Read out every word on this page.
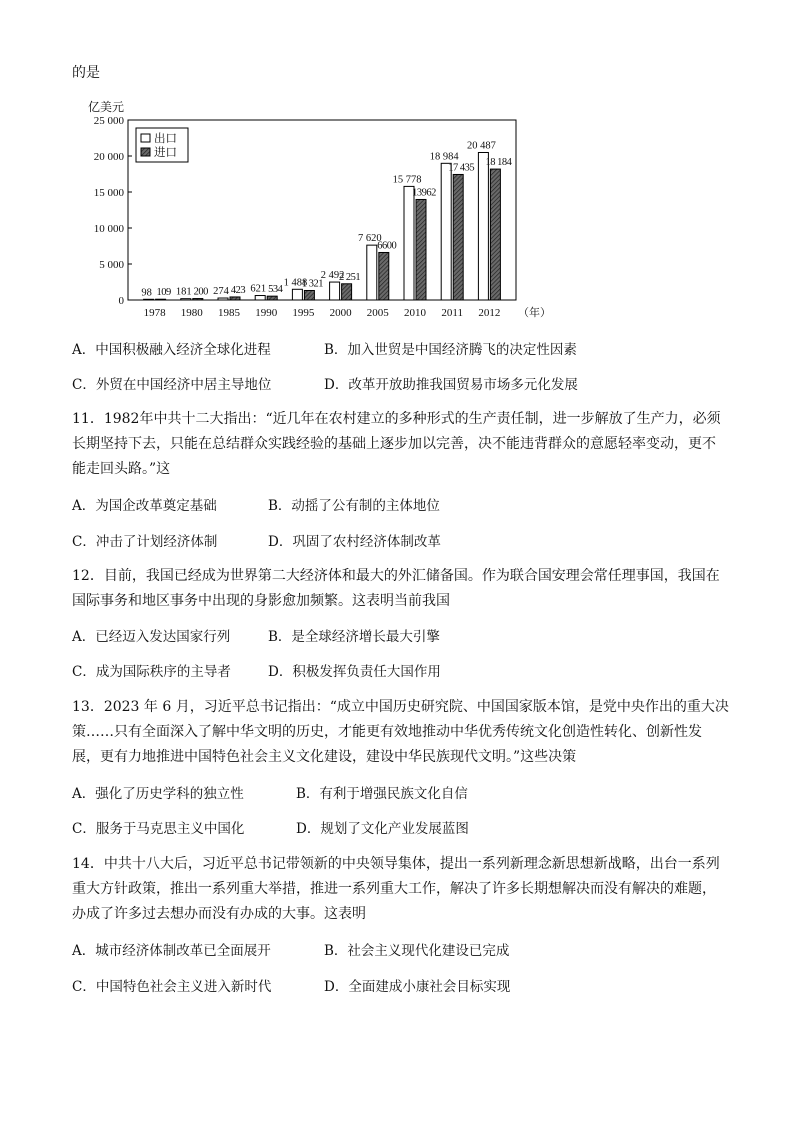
的是
0
5 000
10 000
15 000
20 000
25 000
亿美元
98 109
1978
181 200
1980
274 423
1985
621 534
1990
1 488
1 321
1995
2 492
2 251
2000
7 620
6600
2005
15 778
13962
2010
18 984
17 435
2011
20 487
18 184
2012 （年）
出口
进口
A．中国积极融入经济全球化进程	B．加入世贸是中国经济腾飞的决定性因素
C．外贸在中国经济中居主导地位	D．改革开放助推我国贸易市场多元化发展
11．1982年中共十二大指出：“近几年在农村建立的多种形式的生产责任制，进一步解放了生产力，必须
长期坚持下去，只能在总结群众实践经验的基础上逐步加以完善，决不能违背群众的意愿轻率变动，更不
能走回头路。”这
A．为国企改革奠定基础	B．动摇了公有制的主体地位
C．冲击了计划经济体制	D．巩固了农村经济体制改革
12．目前，我国已经成为世界第二大经济体和最大的外汇储备国。作为联合国安理会常任理事国，我国在
国际事务和地区事务中出现的身影愈加频繁。这表明当前我国
A．已经迈入发达国家行列	B．是全球经济增长最大引擎
C．成为国际秩序的主导者	D．积极发挥负责任大国作用
13．2023 年 6 月，习近平总书记指出：“成立中国历史研究院、中国国家版本馆，是党中央作出的重大决
策……只有全面深入了解中华文明的历史，才能更有效地推动中华优秀传统文化创造性转化、创新性发
展，更有力地推进中国特色社会主义文化建设，建设中华民族现代文明。”这些决策
A．强化了历史学科的独立性	B．有利于增强民族文化自信
C．服务于马克思主义中国化	D．规划了文化产业发展蓝图
14．中共十八大后，习近平总书记带领新的中央领导集体，提出一系列新理念新思想新战略，出台一系列
重大方针政策，推出一系列重大举措，推进一系列重大工作，解决了许多长期想解决而没有解决的难题，
办成了许多过去想办而没有办成的大事。这表明
A．城市经济体制改革已全面展开	B．社会主义现代化建设已完成
C．中国特色社会主义进入新时代	D．全面建成小康社会目标实现
